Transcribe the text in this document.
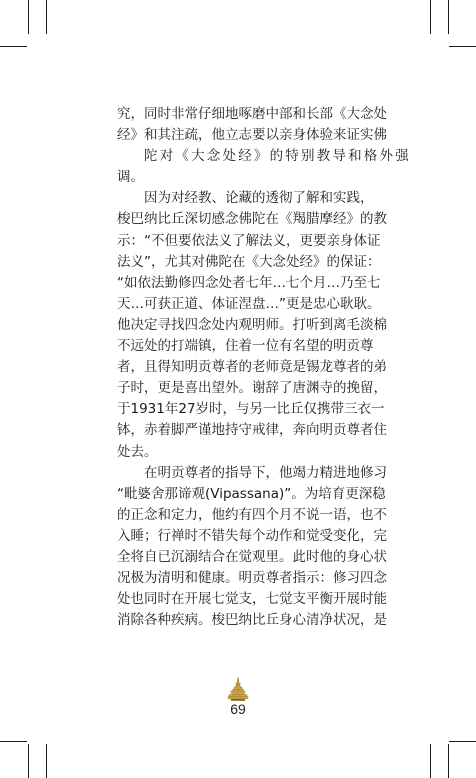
究，同时非常仔细地啄磨中部和长部《大念处
经》和其注疏，他立志要以亲身体验来证实佛
陀对《大念处经》的特别教导和格外强
调。

因为对经教、论藏的透彻了解和实践，
梭巴纳比丘深切感念佛陀在《羯腊摩经》的教
示：“不但要依法义了解法义，更要亲身体证
法义”，尤其对佛陀在《大念处经》的保证：
“如依法勤修四念处者七年…七个月…乃至七
天…可获正道、体证涅盘…”更是忠心耿耿。
他决定寻找四念处内观明师。打听到离毛淡棉
不远处的打端镇，住着一位有名望的明贡尊
者，且得知明贡尊者的老师竟是锡龙尊者的弟
子时，更是喜出望外。谢辞了唐渊寺的挽留，
于1931年27岁时，与另一比丘仅携带三衣一
钵，赤着脚严谨地持守戒律，奔向明贡尊者住
处去。

在明贡尊者的指导下，他竭力精进地修习
“毗婆舍那谛观(Vipassana)”。为培育更深稳
的正念和定力，他约有四个月不说一语，也不
入睡；行禅时不错失每个动作和觉受变化，完
全将自已沉溺结合在觉观里。此时他的身心状
况极为清明和健康。明贡尊者指示：修习四念
处也同时在开展七觉支，七觉支平衡开展时能
消除各种疾病。梭巴纳比丘身心清净状况，是

69
